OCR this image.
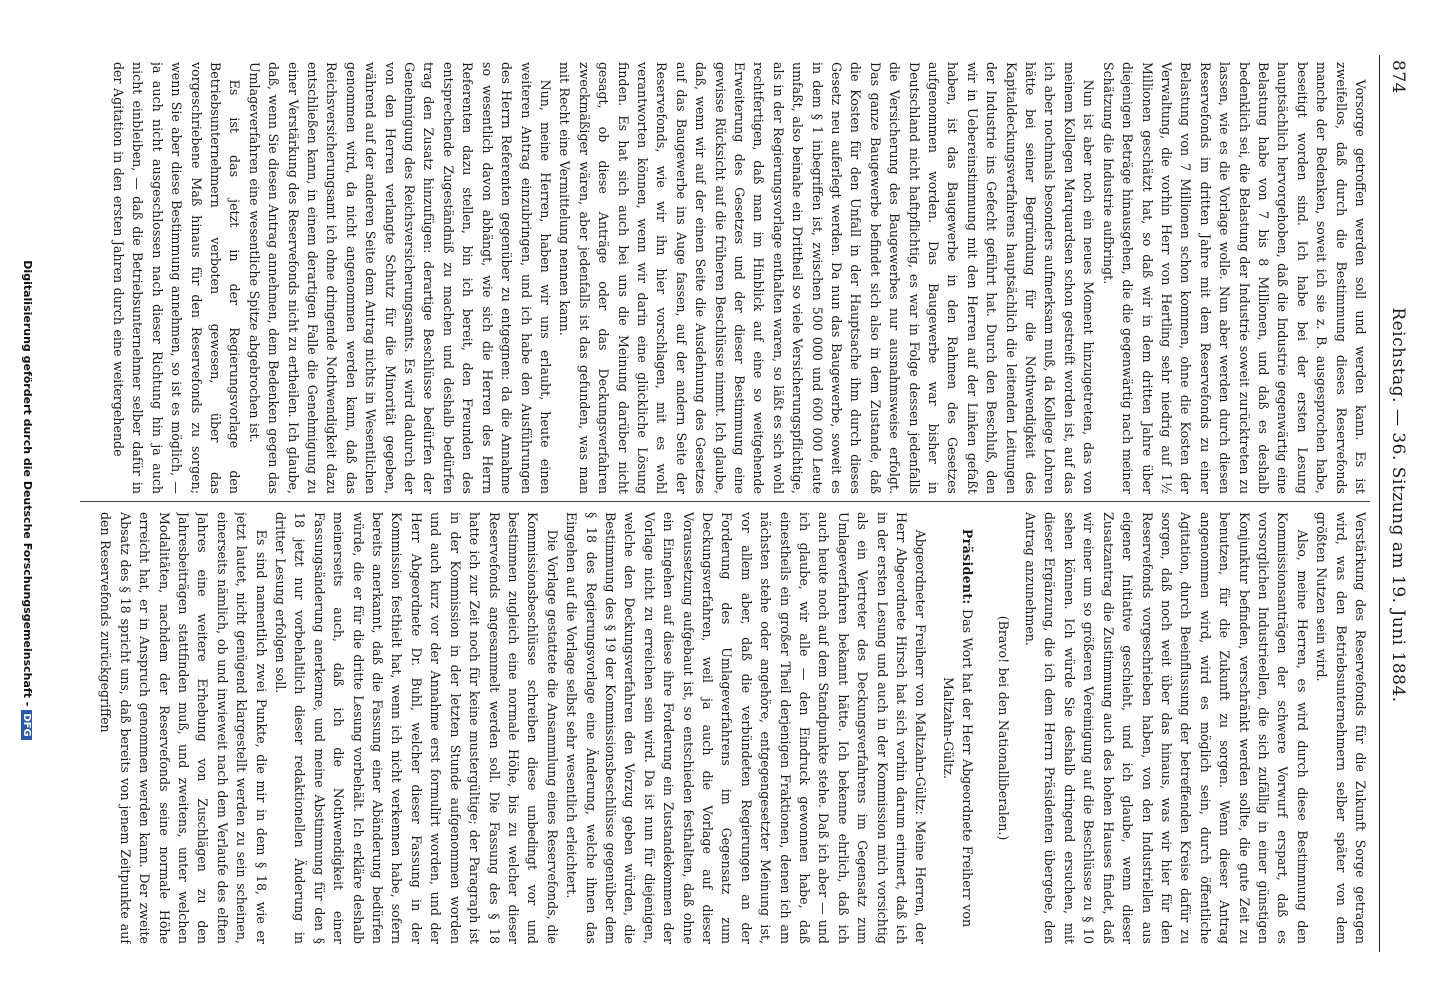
874
Reichstag. — 36. Sitzung am 19. Juni 1884.

Vorsorge getroffen werden soll und werden kann. Es ist zweifellos, daß durch die Bestimmung dieses Reservefonds manche der Bedenken, soweit ich sie z. B. ausgesprochen habe, beseitigt worden sind. Ich habe bei der ersten Lesung hauptsächlich hervorgehoben, daß die Industrie gegenwärtig eine Belastung habe von 7 bis 8 Millionen, und daß es deshalb bedenklich sei, die Belastung der Industrie soweit zurücktreten zu lassen, wie es die Vorlage wolle. Nun aber werden durch diesen Reservefonds im dritten Jahre mit dem Reservefonds zu einer Belastung von 7 Millionen schon kommen, ohne die Kosten der Verwaltung, die vorhin Herr von Hertling sehr niedrig auf 1½ Millionen geschätzt hat, so daß wir in dem dritten Jahre über diejenigen Beträge hinausgehen, die die gegenwärtig nach meiner Schätzung die Industrie aufbringt.

Nun ist aber noch ein neues Moment hinzugetreten, das von meinem Kollegen Marquardsen schon gestreift worden ist, auf das ich aber nochmals besonders aufmerksam muß, da Kollege Lohren hätte bei seiner Begründung für die Nothwendigkeit des Kapitaldeckungsverfahrens hauptsächlich die leitenden Leitungen der Industrie ins Gefecht geführt hat. Durch den Beschluß, den wir in Uebereinstimmung mit den Herren auf der Linken gefaßt haben, ist das Baugewerbe in den Rahmen des Gesetzes aufgenommen worden. Das Baugewerbe war bisher in Deutschland nicht haftpflichtig, es war in Folge dessen jedenfalls die Versicherung des Baugewerbes nur ausnahmsweise erfolgt. Das ganze Baugewerbe befindet sich also in dem Zustande, daß die Kosten für den Unfall in der Hauptsache ihm durch dieses Gesetz neu auferlegt werden. Da nun das Baugewerbe, soweit es in dem § 1 inbegriffen ist, zwischen 500 000 und 600 000 Leute umfaßt, also beinahe ein Drittheil so viele Versicherungspflichtige, als in der Regierungsvorlage enthalten waren, so läßt es sich wohl rechtfertigen, daß man im Hinblick auf eine so weitgehende Erweiterung des Gesetzes und der dieser Bestimmung eine gewisse Rücksicht auf die früheren Beschlüsse nimmt. Ich glaube, daß, wenn wir auf der einen Seite die Ausdehnung des Gesetzes auf das Baugewerbe ins Auge fassen, auf der andern Seite der Reservefonds, wie wir ihn hier vorschlagen, mit es wohl verantworten können, wenn wir darin eine glückliche Lösung finden. Es hat sich auch bei uns die Meinung darüber nicht gesagt, ob diese Anträge oder das Deckungsverfahren zweckmäßiger wären, aber jedenfalls ist das gefunden, was man mit Recht eine Vermittelung nennen kann.

Nun, meine Herren, haben wir uns erlaubt, heute einen weiteren Antrag einzubringen, und ich habe den Ausführungen des Herrn Referenten gegenüber zu entgegnen: da die Annahme so wesentlich davon abhängt, wie sich die Herren des Herrn Referenten dazu stellen, bin ich bereit, den Freunden des entsprechende Zugeständniß zu machen und deshalb bedürfen trag den Zusatz hinzufügen: derartige Beschlüsse bedürfen der Genehmigung des Reichsversicherungsamts. Es wird dadurch der von den Herren verlangte Schutz für die Minorität gegeben, während auf der anderen Seite dem Antrag nichts in Wesentlichen genommen wird, da nicht angenommen werden kann, daß das Reichsversicherungsamt ich ohne dringende Nothwendigkeit dazu entschließen kann, in einem derartigen Falle die Genehmigung zu einer Verstärkung des Reservefonds nicht zu ertheilen. Ich glaube, daß, wenn Sie diesen Antrag annehmen, dem Bedenken gegen das Umlageverfahren eine wesentliche Spitze abgebrochen ist.

Es ist das jetzt in der Regierungsvorlage den Betriebsunternehmern verboten gewesen, über das vorgeschriebene Maß hinaus für den Reservefonds zu sorgen; wenn Sie aber diese Bestimmung annehmen, so ist es möglich, — ja auch nicht ausgeschlossen nach dieser Richtung hin ja auch nicht einbleiben, — daß die Betriebsunternehmer selber dafür in der Agitation in den ersten Jahren durch eine weitergehende

Verstärkung des Reservefonds für die Zukunft Sorge getragen wird, was den Betriebsunternehmern selber später von dem größten Nutzen sein wird.

Also, meine Herren, es wird durch diese Bestimmung den Kommissionsanträgen der schwere Vorwurf erspart, daß es vorsorglichen Industrieellen, die sich zufällig in einer günstigen Konjunktur befinden, verschränkt werden sollte, die gute Zeit zu benutzen, für die Zukunft zu sorgen. Wenn dieser Antrag angenommen wird, wird es möglich sein, durch öffentliche Agitation, durch Beeinflussung der betreffenden Kreise dafür zu sorgen, daß noch weit über das hinaus, was wir hier für den Reservefonds vorgeschrieben haben, von den Industriellen aus eigener Initiative geschieht, und ich glaube, wenn dieser Zusatzantrag die Zustimmung auch des hohen Hauses findet, daß wir einer um so größeren Vereinigung auf die Beschlüsse zu § 10 sehen können. Ich würde Sie deshalb dringend ersuchen, mit dieser Ergänzung, die ich dem Herrn Präsidenten übergebe, den Antrag anzunehmen.

(Bravo! bei den Nationalliberalen.)

Präsident: Das Wort hat der Herr Abgeordnete Freiherr von Maltzahn-Gültz.

Abgeordneter Freiherr von Maltzahn-Gültz: Meine Herren, der Herr Abgeordnete Hirsch hat sich vorhin darum erinnert, daß ich in der ersten Lesung und auch in der Kommission mich vorsichtig als ein Vertreter des Deckungsverfahrens im Gegensatz zum Umlageverfahren bekannt hätte. Ich bekenne ehrlich, daß ich auch heute noch auf dem Standpunkte stehe. Daß ich aber — und ich glaube, wir alle — den Eindruck gewonnen habe, daß einestheils ein großer Theil derjenigen Fraktionen, denen ich am nächsten stehe oder angehöre, entgegengesetzter Meinung ist, vor allem aber, daß die verbündeten Regierungen an der Forderung des Umlageverfahrens im Gegensatz zum Deckungsverfahren, weil ja auch die Vorlage auf dieser Voraussetzung aufgebaut ist, so entschieden festhalten, daß ohne ein Eingehen auf diese ihre Forderung ein Zustandekommen der Vorlage nicht zu erreichen sein wird. Da ist nun für diejenigen, welche den Deckungsverfahren den Vorzug geben würden, die Bestimmung des § 19 der Kommissionsbeschlüsse gegenüber dem § 18 des Regierungsvorlage eine Änderung, welche ihnen das Eingehen auf die Vorlage selbst sehr wesentlich erleichtert.

Die Vorlage gestattete die Ansammlung eines Reservefonds, die Kommissionsbeschlüsse schreiben diese unbedingt vor und bestimmen zugleich eine normale Höhe, bis zu welcher dieser Reservefonds angesammelt werden soll. Die Fassung des § 18 hatte ich zur Zeit noch für keine mustergültige; der Paragraph ist in der Kommission in der letzten Stunde aufgenommen worden und auch kurz vor der Annahme erst formulirt worden, und der Herr Abgeordnete Dr. Buhl, welcher dieser Fassung in der Kommission festhielt hat, wenn ich nicht verkennen habe, sofern bereits anerkannt, daß die Fassung einer Abänderung bedürfen würde, die er für die dritte Lesung vorbehält. Ich erkläre deshalb meinerseits auch, daß ich die Nothwendigkeit einer Fassungsänderung anerkenne, und meine Abstimmung für den § 18 jetzt nur vorbehaltlich dieser redaktionellen Änderung in dritter Lesung erfolgen soll.

Es sind namentlich zwei Punkte, die mir in dem § 18, wie er jetzt lautet, nicht genügend klargestellt werden zu sein scheinen, einerseits nämlich, ob und inwieweit nach dem Verlaufe des elften Jahres eine weitere Erhebung von Zuschlägen zu den Jahresbeiträgen stattfinden muß, und zweitens, unter welchen Modalitäten, nachdem der Reservefonds seine normale Höhe erreicht hat, er in Anspruch genommen werden kann. Der zweite Absatz des § 18 spricht uns, daß bereits von jenem Zeitpunkte auf den Reservefonds zurückgegriffen

Digitalisierung gefördert durch die Deutsche Forschungsgemeinschaft -DFG
